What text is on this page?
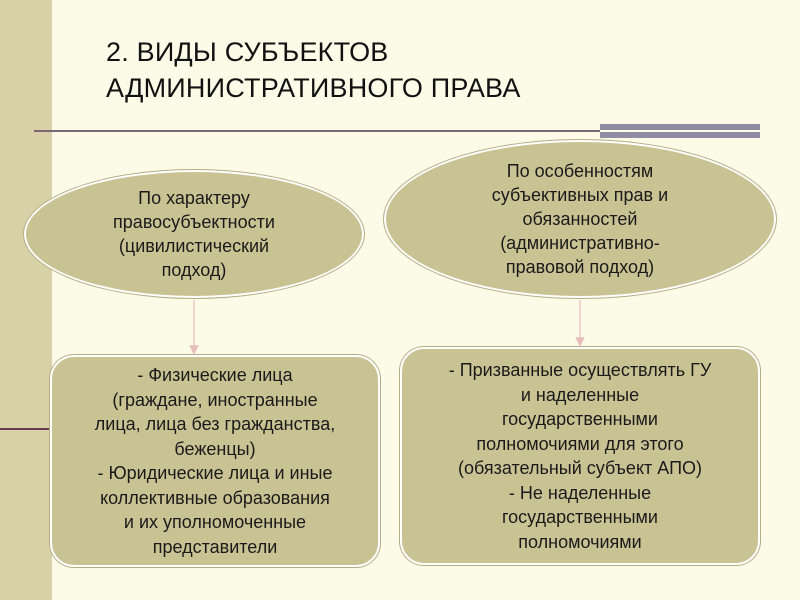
2. ВИДЫ СУБЪЕКТОВ
АДМИНИСТРАТИВНОГО ПРАВА
По характеру
правосубъектности
(цивилистический
подход)
По особенностям
субъективных прав и
обязанностей
(административно-
правовой подход)
- Физические лица
(граждане, иностранные
лица, лица без гражданства,
беженцы)
- Юридические лица и иные
коллективные образования
и их уполномоченные
представители
- Призванные осуществлять ГУ
и наделенные
государственными
полномочиями для этого
(обязательный субъект АПО)
- Не наделенные
государственными
полномочиями
